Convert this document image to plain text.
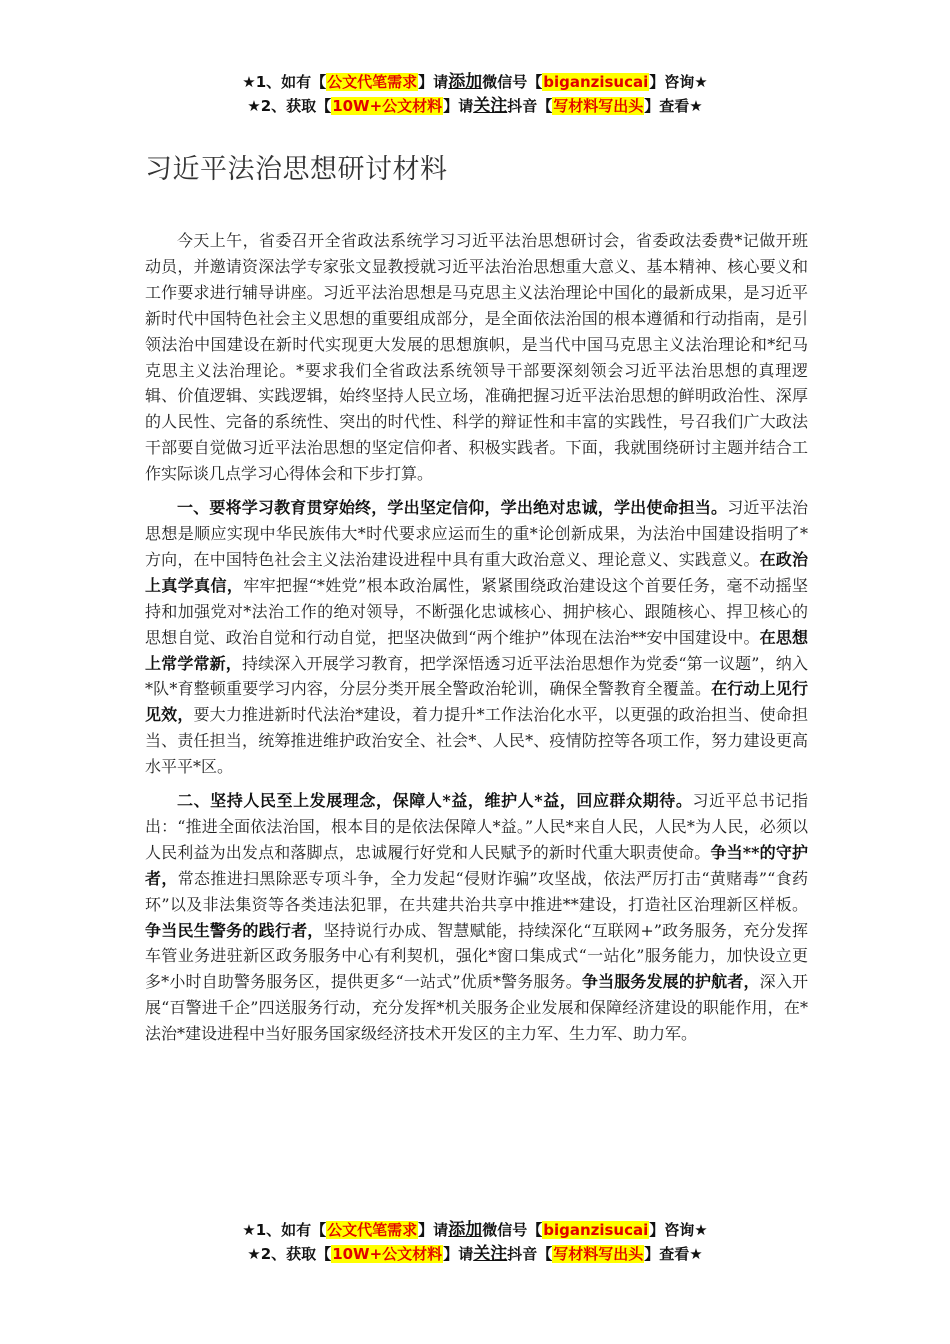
★1、如有【公文代笔需求】请添加微信号【biganzisucai】咨询★
★2、获取【10W+公文材料】请关注抖音【写材料写出头】查看★
习近平法治思想研讨材料

今天上午，省委召开全省政法系统学习习近平法治思想研讨会，省委政法委费*记做开班动员，并邀请资深法学专家张文显教授就习近平法治治思想重大意义、基本精神、核心要义和工作要求进行辅导讲座。习近平法治思想是马克思主义法治理论中国化的最新成果，是习近平新时代中国特色社会主义思想的重要组成部分，是全面依法治国的根本遵循和行动指南，是引领法治中国建设在新时代实现更大发展的思想旗帜，是当代中国马克思主义法治理论和*纪马克思主义法治理论。*要求我们全省政法系统领导干部要深刻领会习近平法治思想的真理逻辑、价值逻辑、实践逻辑，始终坚持人民立场，准确把握习近平法治思想的鲜明政治性、深厚的人民性、完备的系统性、突出的时代性、科学的辩证性和丰富的实践性，号召我们广大政法干部要自觉做习近平法治思想的坚定信仰者、积极实践者。下面，我就围绕研讨主题并结合工作实际谈几点学习心得体会和下步打算。

一、要将学习教育贯穿始终，学出坚定信仰，学出绝对忠诚，学出使命担当。习近平法治思想是顺应实现中华民族伟大*时代要求应运而生的重*论创新成果，为法治中国建设指明了*方向，在中国特色社会主义法治建设进程中具有重大政治意义、理论意义、实践意义。在政治上真学真信，牢牢把握“*姓党”根本政治属性，紧紧围绕政治建设这个首要任务，毫不动摇坚持和加强党对*法治工作的绝对领导，不断强化忠诚核心、拥护核心、跟随核心、捍卫核心的思想自觉、政治自觉和行动自觉，把坚决做到“两个维护”体现在法治**安中国建设中。在思想上常学常新，持续深入开展学习教育，把学深悟透习近平法治思想作为党委“第一议题”，纳入*队*育整顿重要学习内容，分层分类开展全警政治轮训，确保全警教育全覆盖。在行动上见行见效，要大力推进新时代法治*建设，着力提升*工作法治化水平，以更强的政治担当、使命担当、责任担当，统筹推进维护政治安全、社会*、人民*、疫情防控等各项工作，努力建设更高水平平*区。

二、坚持人民至上发展理念，保障人*益，维护人*益，回应群众期待。习近平总书记指出：“推进全面依法治国，根本目的是依法保障人*益。”人民*来自人民，人民*为人民，必须以人民利益为出发点和落脚点，忠诚履行好党和人民赋予的新时代重大职责使命。争当**的守护者，常态推进扫黑除恶专项斗争，全力发起“侵财诈骗”攻坚战，依法严厉打击“黄赌毒”“食药环”以及非法集资等各类违法犯罪，在共建共治共享中推进**建设，打造社区治理新区样板。争当民生警务的践行者，坚持说行办成、智慧赋能，持续深化“互联网+”政务服务，充分发挥车管业务进驻新区政务服务中心有利契机，强化*窗口集成式“一站化”服务能力，加快设立更多*小时自助警务服务区，提供更多“一站式”优质*警务服务。争当服务发展的护航者，深入开展“百警进千企”四送服务行动，充分发挥*机关服务企业发展和保障经济建设的职能作用，在*法治*建设进程中当好服务国家级经济技术开发区的主力军、生力军、助力军。

★1、如有【公文代笔需求】请添加微信号【biganzisucai】咨询★
★2、获取【10W+公文材料】请关注抖音【写材料写出头】查看★
